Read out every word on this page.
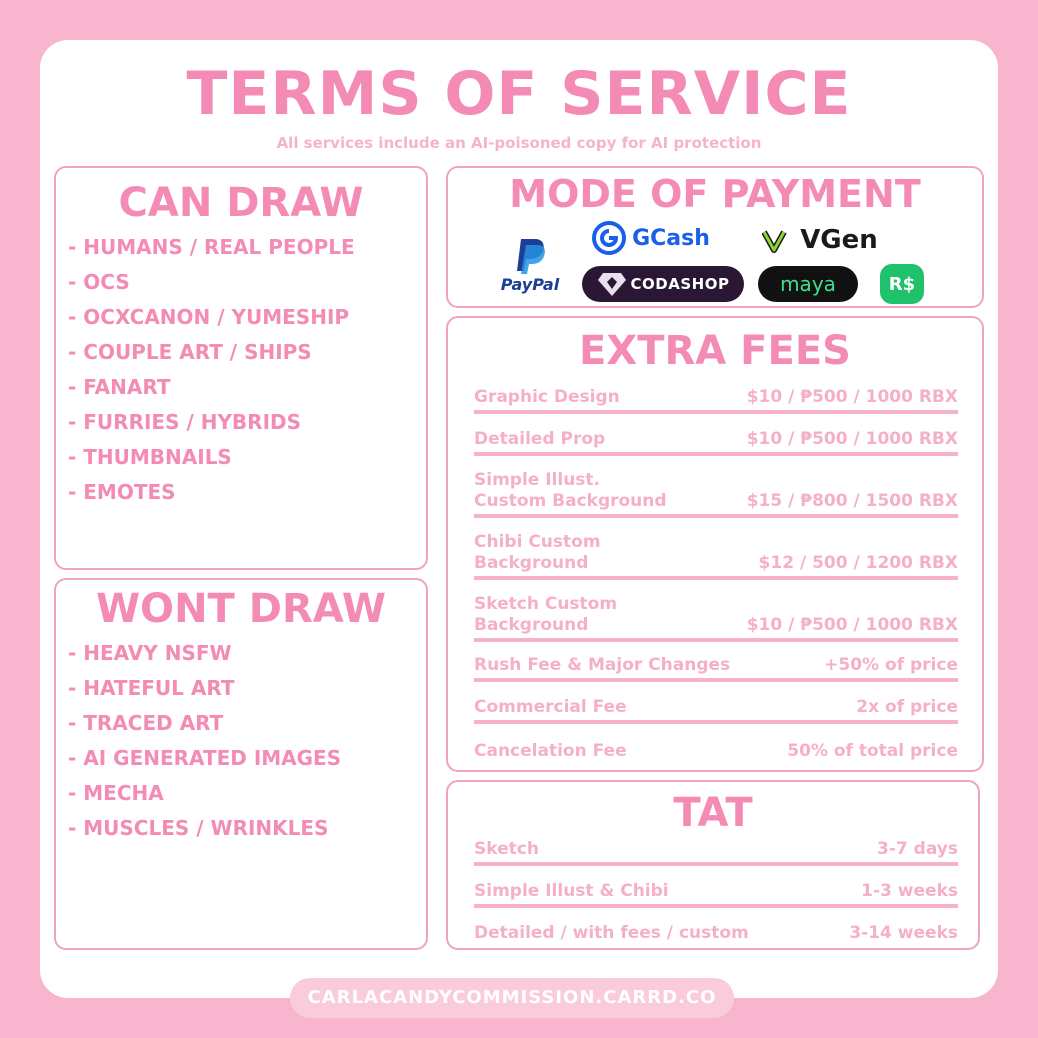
TERMS OF SERVICE
All services include an AI-poisoned copy for AI protection
CAN DRAW
- HUMANS / REAL PEOPLE
- OCS
- OCXCANON / YUMESHIP
- COUPLE ART / SHIPS
- FANART
- FURRIES / HYBRIDS
- THUMBNAILS
- EMOTES
WONT DRAW
- HEAVY NSFW
- HATEFUL ART
- TRACED ART
- AI GENERATED IMAGES
- MECHA
- MUSCLES / WRINKLES
MODE OF PAYMENT
PayPal
GCash	VGen
CODASHOP	maya	R$
EXTRA FEES
Graphic Design	$10 / ₱500 / 1000 RBX
Detailed Prop	$10 / ₱500 / 1000 RBX
Simple Illust.
Custom Background	$15 / ₱800 / 1500 RBX
Chibi Custom
Background	$12 / 500 / 1200 RBX
Sketch Custom
Background	$10 / ₱500 / 1000 RBX
Rush Fee & Major Changes	+50% of price
Commercial Fee	2x of price
Cancelation Fee	50% of total price
TAT
Sketch	3-7 days
Simple Illust & Chibi	1-3 weeks
Detailed / with fees / custom	3-14 weeks
CARLACANDYCOMMISSION.CARRD.CO
